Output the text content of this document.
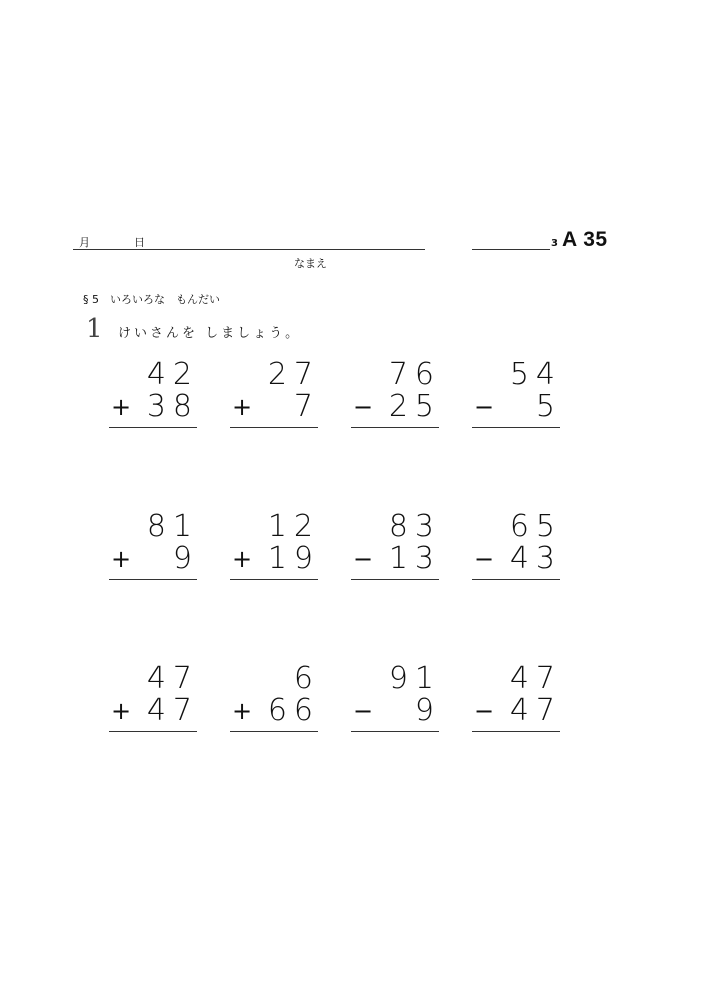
月	日	3 A 35
なまえ
§ 5　いろいろな　もんだい
1 けいさんを しましょう。
42
+ 38
27
+ 7
76
− 25
54
− 5
81
+ 9
12
+ 19
83
− 13
65
− 43
47
+ 47
6
+ 66
91
− 9
47
− 47
